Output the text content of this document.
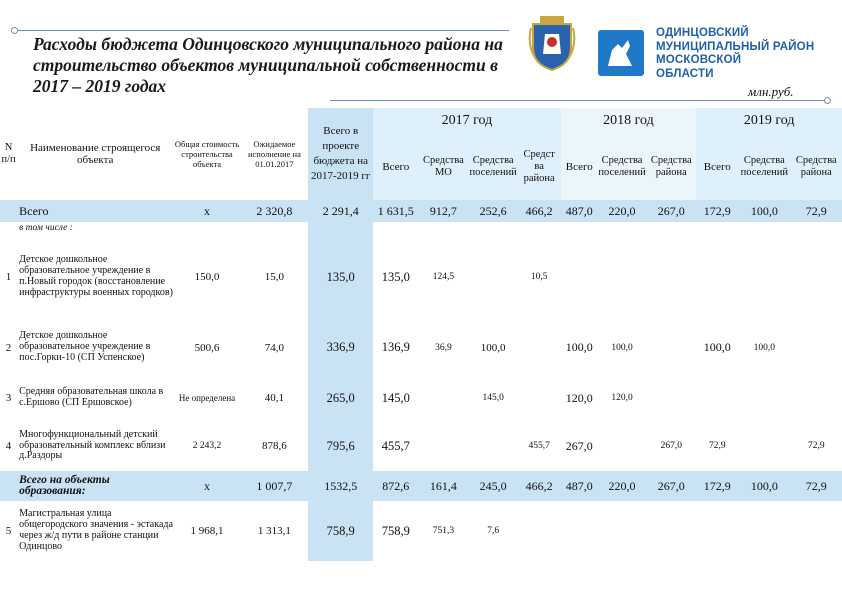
Расходы бюджета Одинцовского муниципального района на строительство объектов муниципальной собственности в 2017 – 2019 годах	млн.руб.
ОДИНЦОВСКИЙ
МУНИЦИПАЛЬНЫЙ РАЙОН
МОСКОВСКОЙ
ОБЛАСТИ
N п/п	Наименование строящегося объекта	Общая стоимость строительства объекта	Ожидаемое исполнение на 01.01.2017	Всего в проекте бюджета на 2017-2019 гг	2017 год				2018 год			2019 год		
					Всего	Средства МО	Средства поселений	Средст ва района	Всего	Средства поселений	Средства района	Всего	Средства поселений	Средства района
	Всего	х	2 320,8	2 291,4	1 631,5	912,7	252,6	466,2	487,0	220,0	267,0	172,9	100,0	72,9
	в том числе :													
1	Детское дошкольное образовательное учреждение в п.Новый городок (восстановление инфраструктуры военных городков)	150,0	15,0	135,0	135,0	124,5		10,5						
2	Детское дошкольное образовательное учреждение в пос.Горки-10 (СП Успенское)	500,6	74,0	336,9	136,9	36,9	100,0		100,0	100,0		100,0	100,0	
3	Средняя образовательная школа в с.Ершово (СП Ершовское)	Не определена	40,1	265,0	145,0		145,0		120,0	120,0				
4	Многофункциональный детский образовательный комплекс вблизи д.Раздоры	2 243,2	878,6	795,6	455,7			455,7	267,0		267,0	72,9		72,9
	Всего на объекты образования:	х	1 007,7	1532,5	872,6	161,4	245,0	466,2	487,0	220,0	267,0	172,9	100,0	72,9
5	Магистральная улица общегородского значения - эстакада через ж/д пути в районе станции Одинцово	1 968,1	1 313,1	758,9	758,9	751,3	7,6							
